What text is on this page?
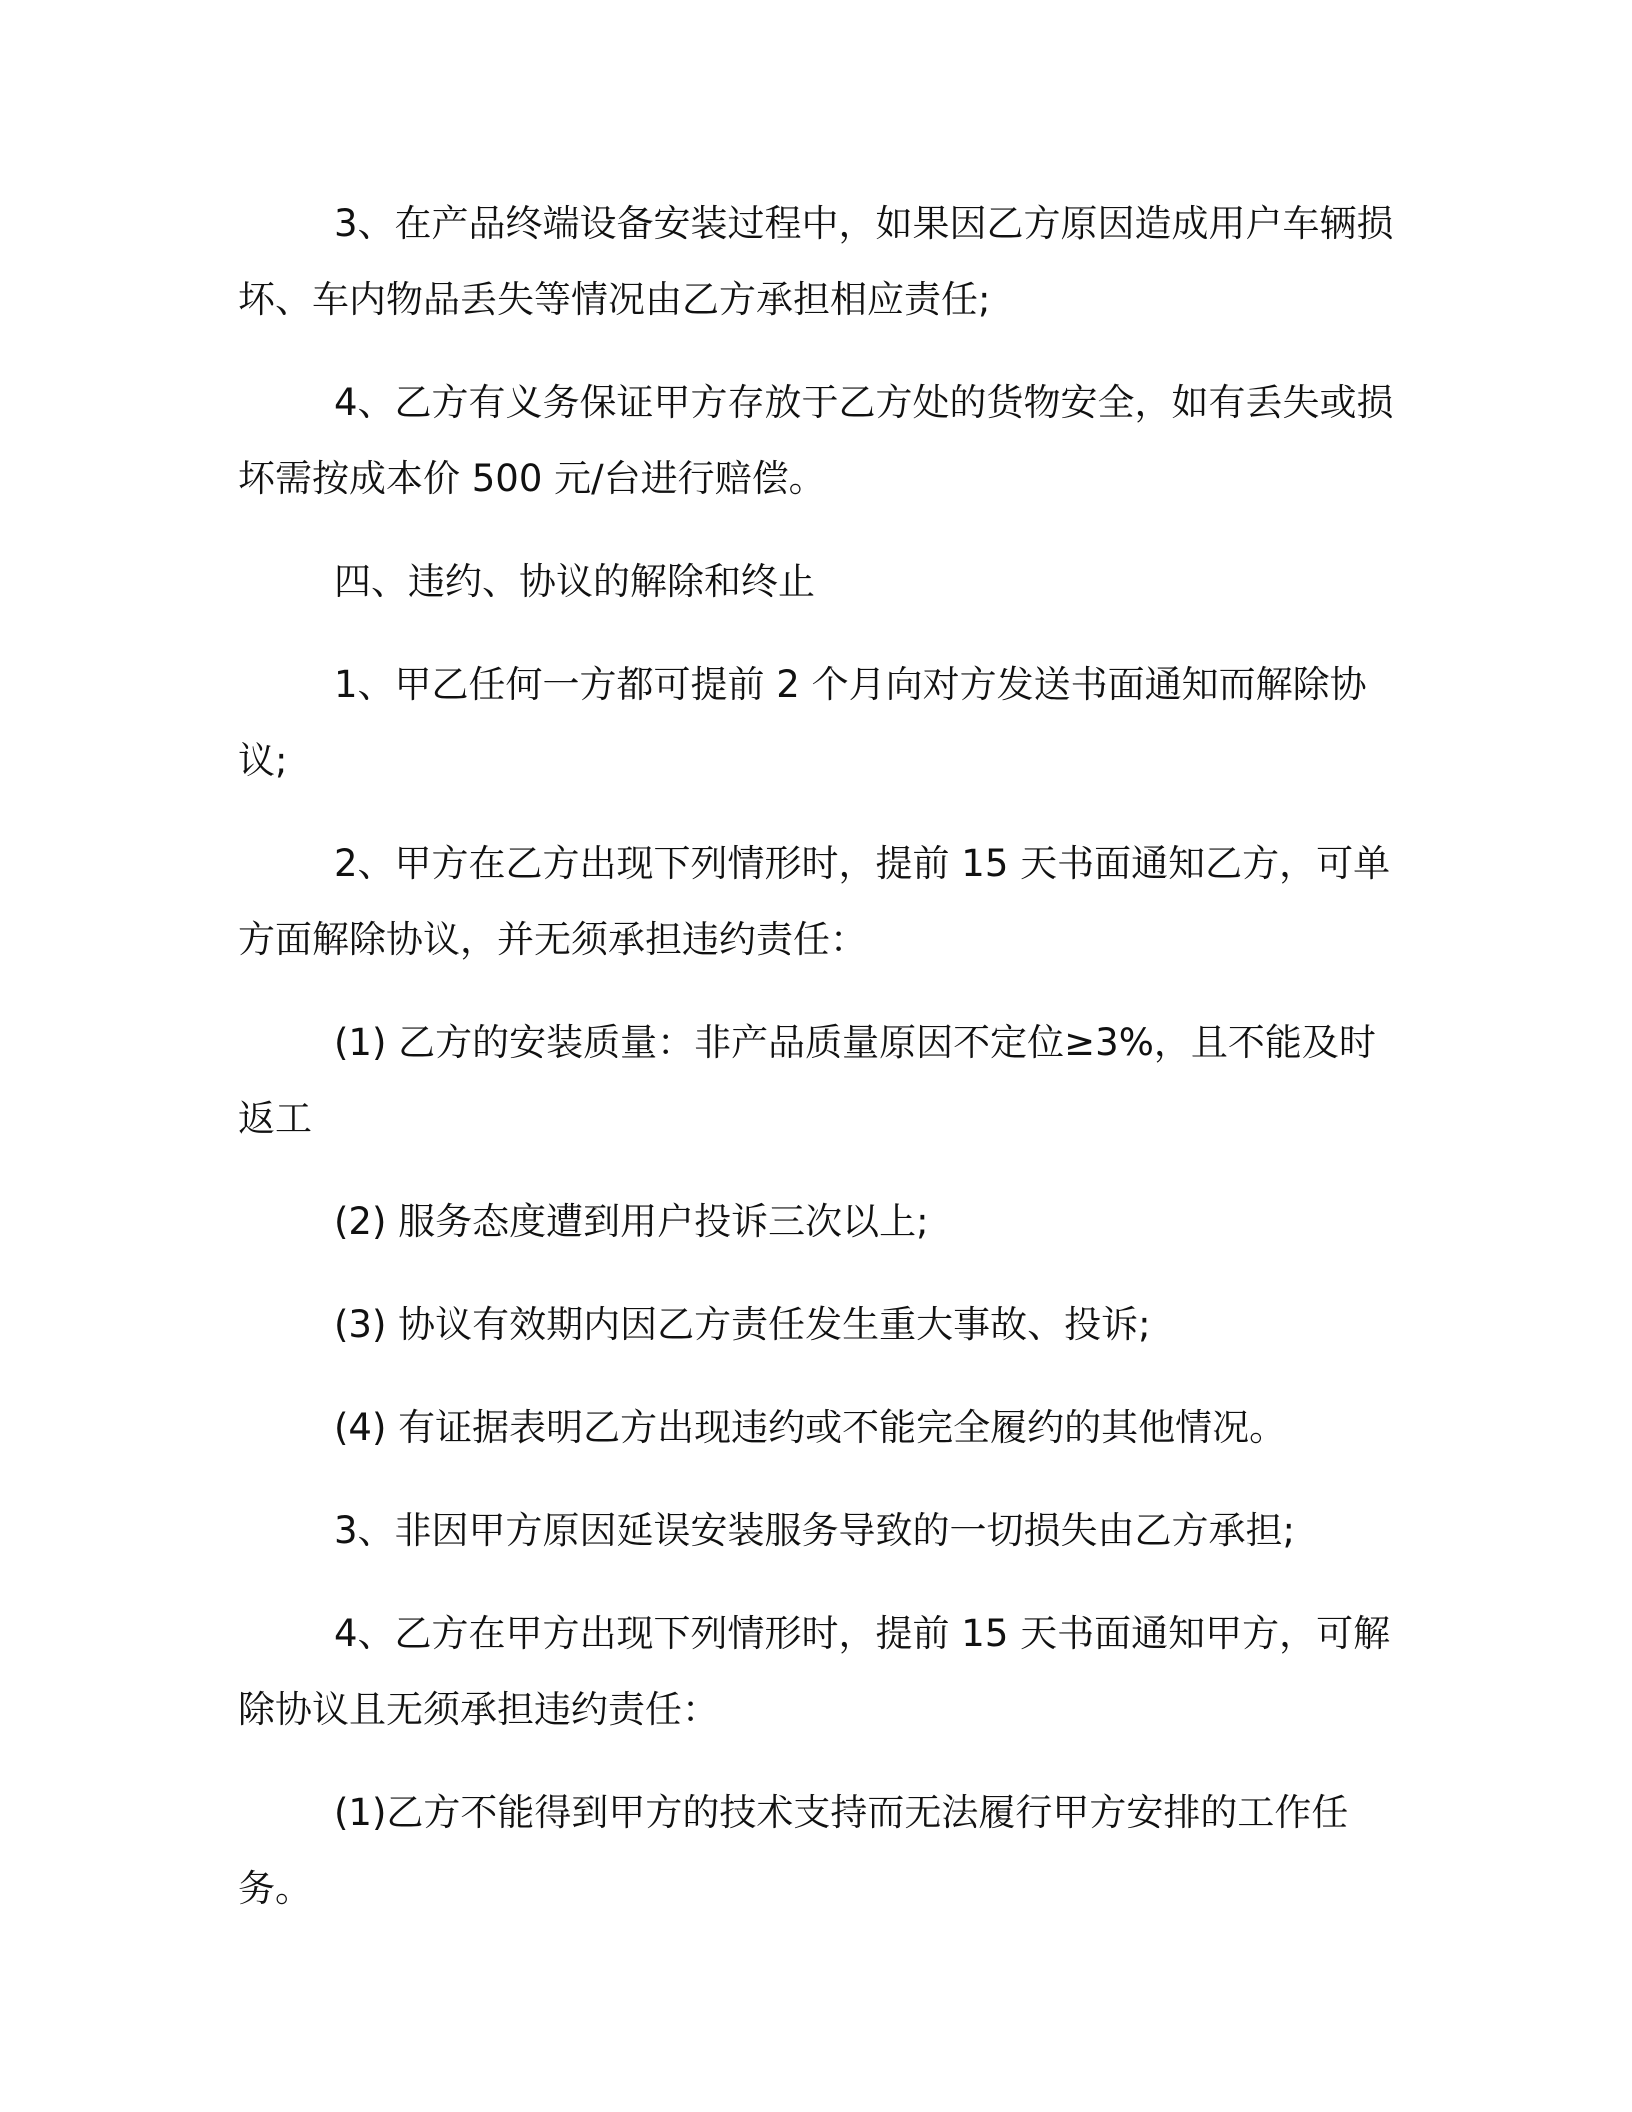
3、在产品终端设备安装过程中，如果因乙方原因造成用户车辆损坏、车内物品丢失等情况由乙方承担相应责任;

4、乙方有义务保证甲方存放于乙方处的货物安全，如有丢失或损坏需按成本价 500 元/台进行赔偿。

四、违约、协议的解除和终止

1、甲乙任何一方都可提前 2 个月向对方发送书面通知而解除协议;

2、甲方在乙方出现下列情形时，提前 15 天书面通知乙方，可单方面解除协议，并无须承担违约责任：

(1) 乙方的安装质量：非产品质量原因不定位≥3%，且不能及时返工

(2) 服务态度遭到用户投诉三次以上;

(3) 协议有效期内因乙方责任发生重大事故、投诉;

(4) 有证据表明乙方出现违约或不能完全履约的其他情况。

3、非因甲方原因延误安装服务导致的一切损失由乙方承担;

4、乙方在甲方出现下列情形时，提前 15 天书面通知甲方，可解除协议且无须承担违约责任：

(1)乙方不能得到甲方的技术支持而无法履行甲方安排的工作任务。
